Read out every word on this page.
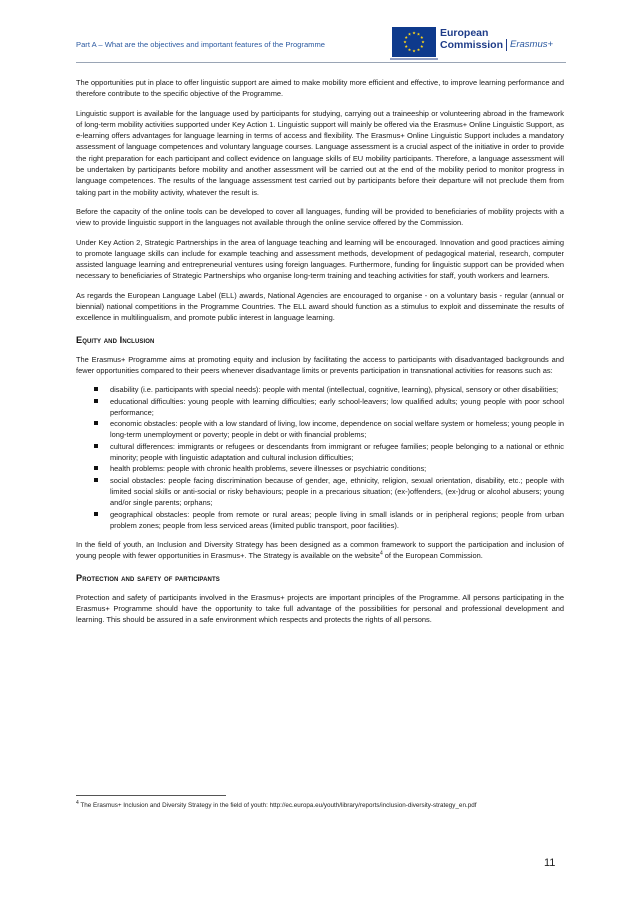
Part A – What are the objectives and important features of the Programme
European
Commission Erasmus+

The opportunities put in place to offer linguistic support are aimed to make mobility more efficient and effective, to improve learning performance and therefore contribute to the specific objective of the Programme.

Linguistic support is available for the language used by participants for studying, carrying out a traineeship or volunteering abroad in the framework of long-term mobility activities supported under Key Action 1. Linguistic support will mainly be offered via the Erasmus+ Online Linguistic Support, as e-learning offers advantages for language learning in terms of access and flexibility. The Erasmus+ Online Linguistic Support includes a mandatory assessment of language competences and voluntary language courses. Language assessment is a crucial aspect of the initiative in order to provide the right preparation for each participant and collect evidence on language skills of EU mobility participants. Therefore, a language assessment will be undertaken by participants before mobility and another assessment will be carried out at the end of the mobility period to monitor progress in language competences. The results of the language assessment test carried out by participants before their departure will not preclude them from taking part in the mobility activity, whatever the result is.

Before the capacity of the online tools can be developed to cover all languages, funding will be provided to beneficiaries of mobility projects with a view to provide linguistic support in the languages not available through the online service offered by the Commission.

Under Key Action 2, Strategic Partnerships in the area of language teaching and learning will be encouraged. Innovation and good practices aiming to promote language skills can include for example teaching and assessment methods, development of pedagogical material, research, computer assisted language learning and entrepreneurial ventures using foreign languages. Furthermore, funding for linguistic support can be provided when necessary to beneficiaries of Strategic Partnerships who organise long-term training and teaching activities for staff, youth workers and learners.

As regards the European Language Label (ELL) awards, National Agencies are encouraged to organise - on a voluntary basis - regular (annual or biennial) national competitions in the Programme Countries. The ELL award should function as a stimulus to exploit and disseminate the results of excellence in multilingualism, and promote public interest in language learning.

Equity and Inclusion

The Erasmus+ Programme aims at promoting equity and inclusion by facilitating the access to participants with disadvantaged backgrounds and fewer opportunities compared to their peers whenever disadvantage limits or prevents participation in transnational activities for reasons such as:

disability (i.e. participants with special needs): people with mental (intellectual, cognitive, learning), physical, sensory or other disabilities;
educational difficulties: young people with learning difficulties; early school-leavers; low qualified adults; young people with poor school performance;
economic obstacles: people with a low standard of living, low income, dependence on social welfare system or homeless; young people in long-term unemployment or poverty; people in debt or with financial problems;
cultural differences: immigrants or refugees or descendants from immigrant or refugee families; people belonging to a national or ethnic minority; people with linguistic adaptation and cultural inclusion difficulties;
health problems: people with chronic health problems, severe illnesses or psychiatric conditions;
social obstacles: people facing discrimination because of gender, age, ethnicity, religion, sexual orientation, disability, etc.; people with limited social skills or anti-social or risky behaviours; people in a precarious situation; (ex-)offenders, (ex-)drug or alcohol abusers; young and/or single parents; orphans;
geographical obstacles: people from remote or rural areas; people living in small islands or in peripheral regions; people from urban problem zones; people from less serviced areas (limited public transport, poor facilities).

In the field of youth, an Inclusion and Diversity Strategy has been designed as a common framework to support the participation and inclusion of young people with fewer opportunities in Erasmus+. The Strategy is available on the website$^4$ of the European Commission.

Protection and safety of participants

Protection and safety of participants involved in the Erasmus+ projects are important principles of the Programme. All persons participating in the Erasmus+ Programme should have the opportunity to take full advantage of the possibilities for personal and professional development and learning. This should be assured in a safe environment which respects and protects the rights of all persons.

$^4$ The Erasmus+ Inclusion and Diversity Strategy in the field of youth: http://ec.europa.eu/youth/library/reports/inclusion-diversity-strategy_en.pdf
11
